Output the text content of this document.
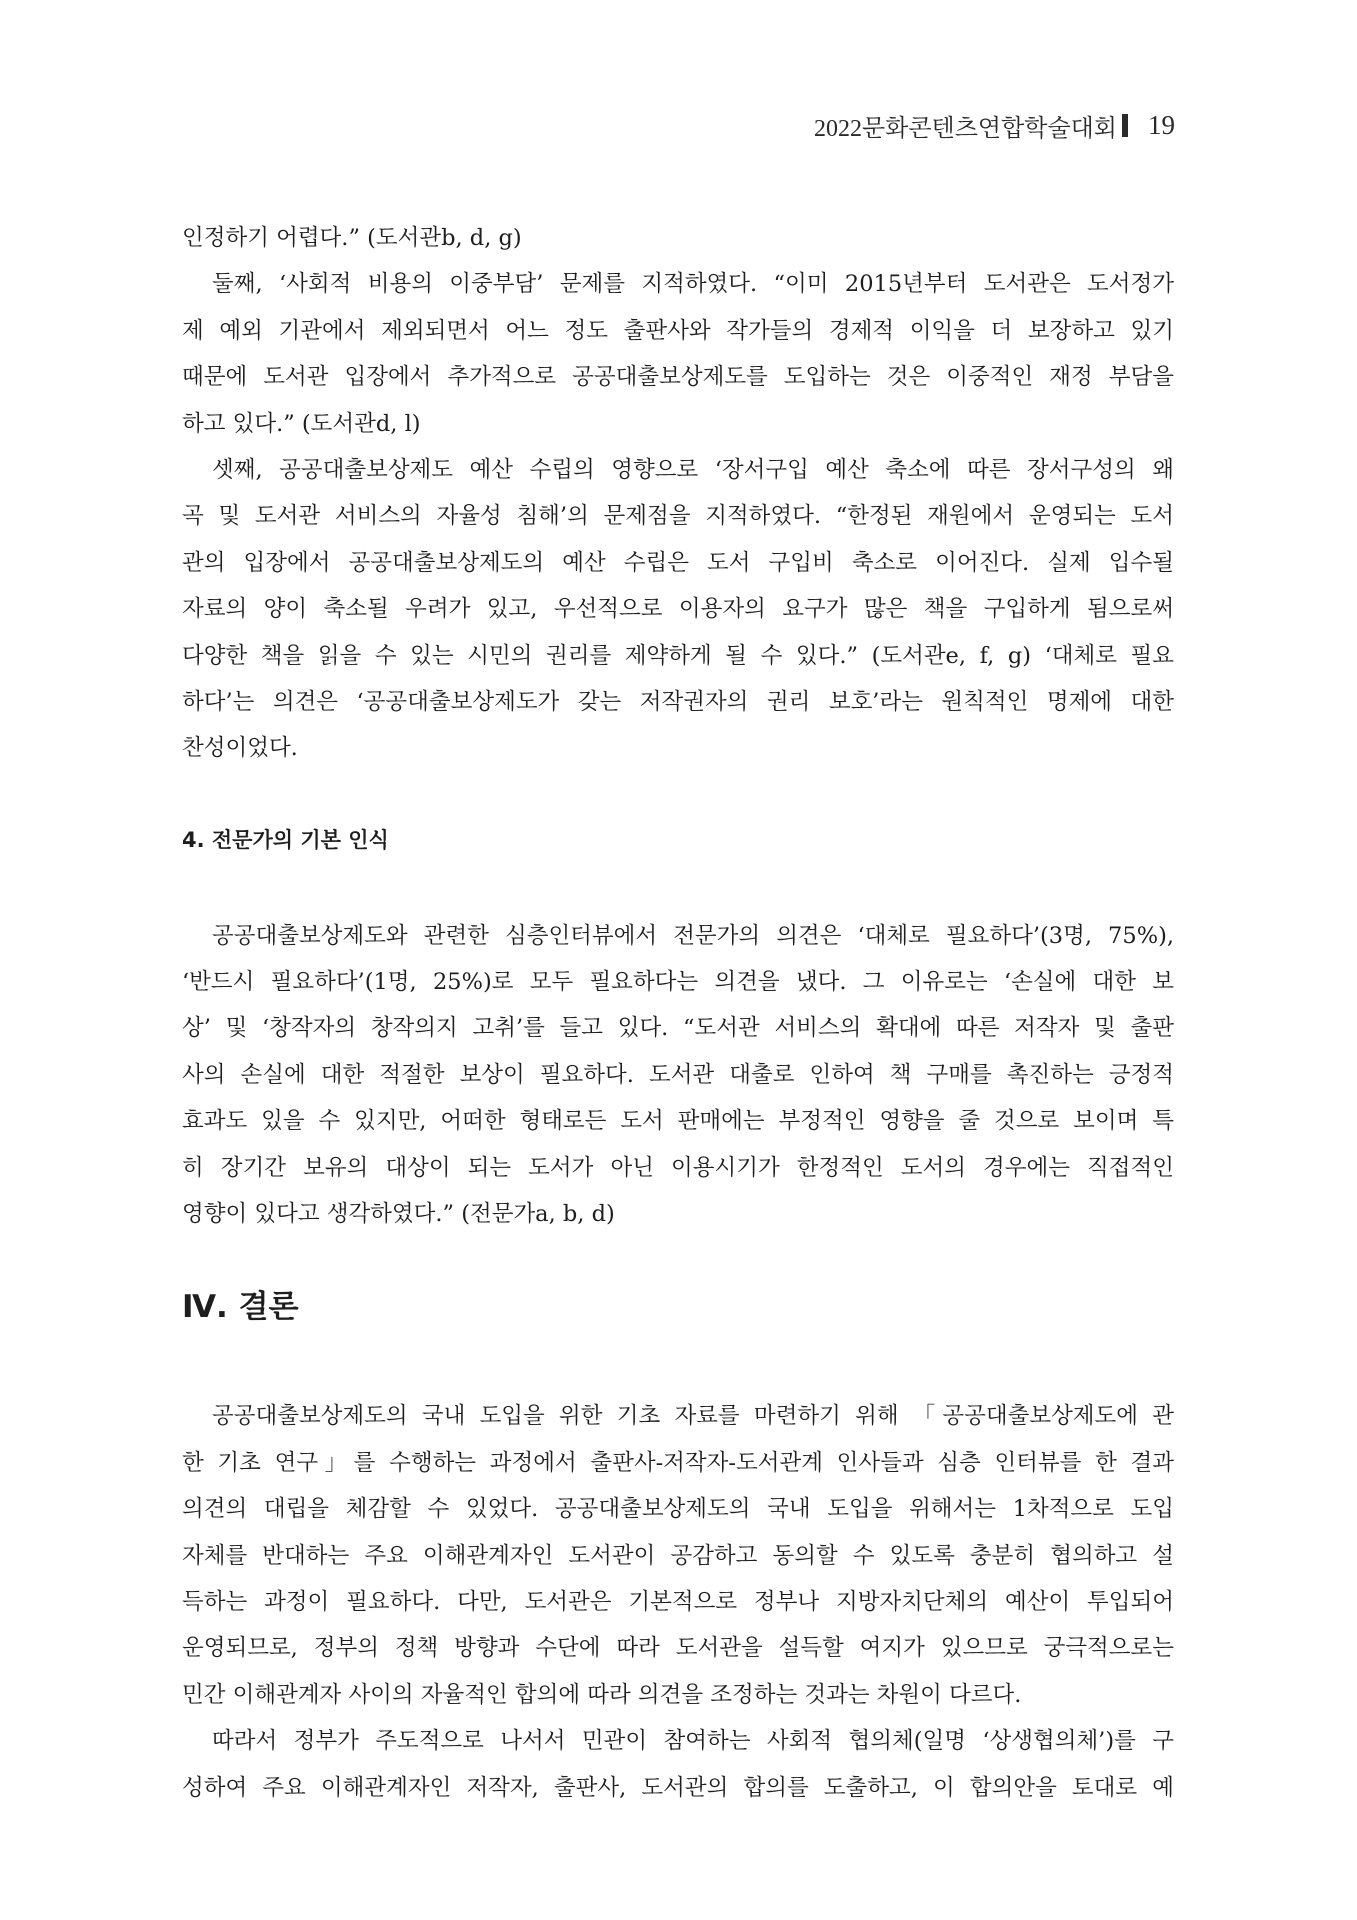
2022문화콘텐츠연합학술대회 19
인정하기 어렵다.” (도서관b, d, g)
둘째, ‘사회적 비용의 이중부담’ 문제를 지적하였다. “이미 2015년부터 도서관은 도서정가
제 예외 기관에서 제외되면서 어느 정도 출판사와 작가들의 경제적 이익을 더 보장하고 있기
때문에 도서관 입장에서 추가적으로 공공대출보상제도를 도입하는 것은 이중적인 재정 부담을
하고 있다.” (도서관d, l)
셋째, 공공대출보상제도 예산 수립의 영향으로 ‘장서구입 예산 축소에 따른 장서구성의 왜
곡 및 도서관 서비스의 자율성 침해’의 문제점을 지적하였다. “한정된 재원에서 운영되는 도서
관의 입장에서 공공대출보상제도의 예산 수립은 도서 구입비 축소로 이어진다. 실제 입수될
자료의 양이 축소될 우려가 있고, 우선적으로 이용자의 요구가 많은 책을 구입하게 됨으로써
다양한 책을 읽을 수 있는 시민의 권리를 제약하게 될 수 있다.” (도서관e, f, g) ‘대체로 필요
하다’는 의견은 ‘공공대출보상제도가 갖는 저작권자의 권리 보호’라는 원칙적인 명제에 대한
찬성이었다.
4. 전문가의 기본 인식
공공대출보상제도와 관련한 심층인터뷰에서 전문가의 의견은 ‘대체로 필요하다’(3명, 75%),
‘반드시 필요하다’(1명, 25%)로 모두 필요하다는 의견을 냈다. 그 이유로는 ‘손실에 대한 보
상’ 및 ‘창작자의 창작의지 고취’를 들고 있다. “도서관 서비스의 확대에 따른 저작자 및 출판
사의 손실에 대한 적절한 보상이 필요하다. 도서관 대출로 인하여 책 구매를 촉진하는 긍정적
효과도 있을 수 있지만, 어떠한 형태로든 도서 판매에는 부정적인 영향을 줄 것으로 보이며 특
히 장기간 보유의 대상이 되는 도서가 아닌 이용시기가 한정적인 도서의 경우에는 직접적인
영향이 있다고 생각하였다.” (전문가a, b, d)
Ⅳ. 결론
공공대출보상제도의 국내 도입을 위한 기초 자료를 마련하기 위해 「공공대출보상제도에 관
한 기초 연구」를 수행하는 과정에서 출판사-저작자-도서관계 인사들과 심층 인터뷰를 한 결과
의견의 대립을 체감할 수 있었다. 공공대출보상제도의 국내 도입을 위해서는 1차적으로 도입
자체를 반대하는 주요 이해관계자인 도서관이 공감하고 동의할 수 있도록 충분히 협의하고 설
득하는 과정이 필요하다. 다만, 도서관은 기본적으로 정부나 지방자치단체의 예산이 투입되어
운영되므로, 정부의 정책 방향과 수단에 따라 도서관을 설득할 여지가 있으므로 궁극적으로는
민간 이해관계자 사이의 자율적인 합의에 따라 의견을 조정하는 것과는 차원이 다르다.
따라서 정부가 주도적으로 나서서 민관이 참여하는 사회적 협의체(일명 ‘상생협의체’)를 구
성하여 주요 이해관계자인 저작자, 출판사, 도서관의 합의를 도출하고, 이 합의안을 토대로 예
